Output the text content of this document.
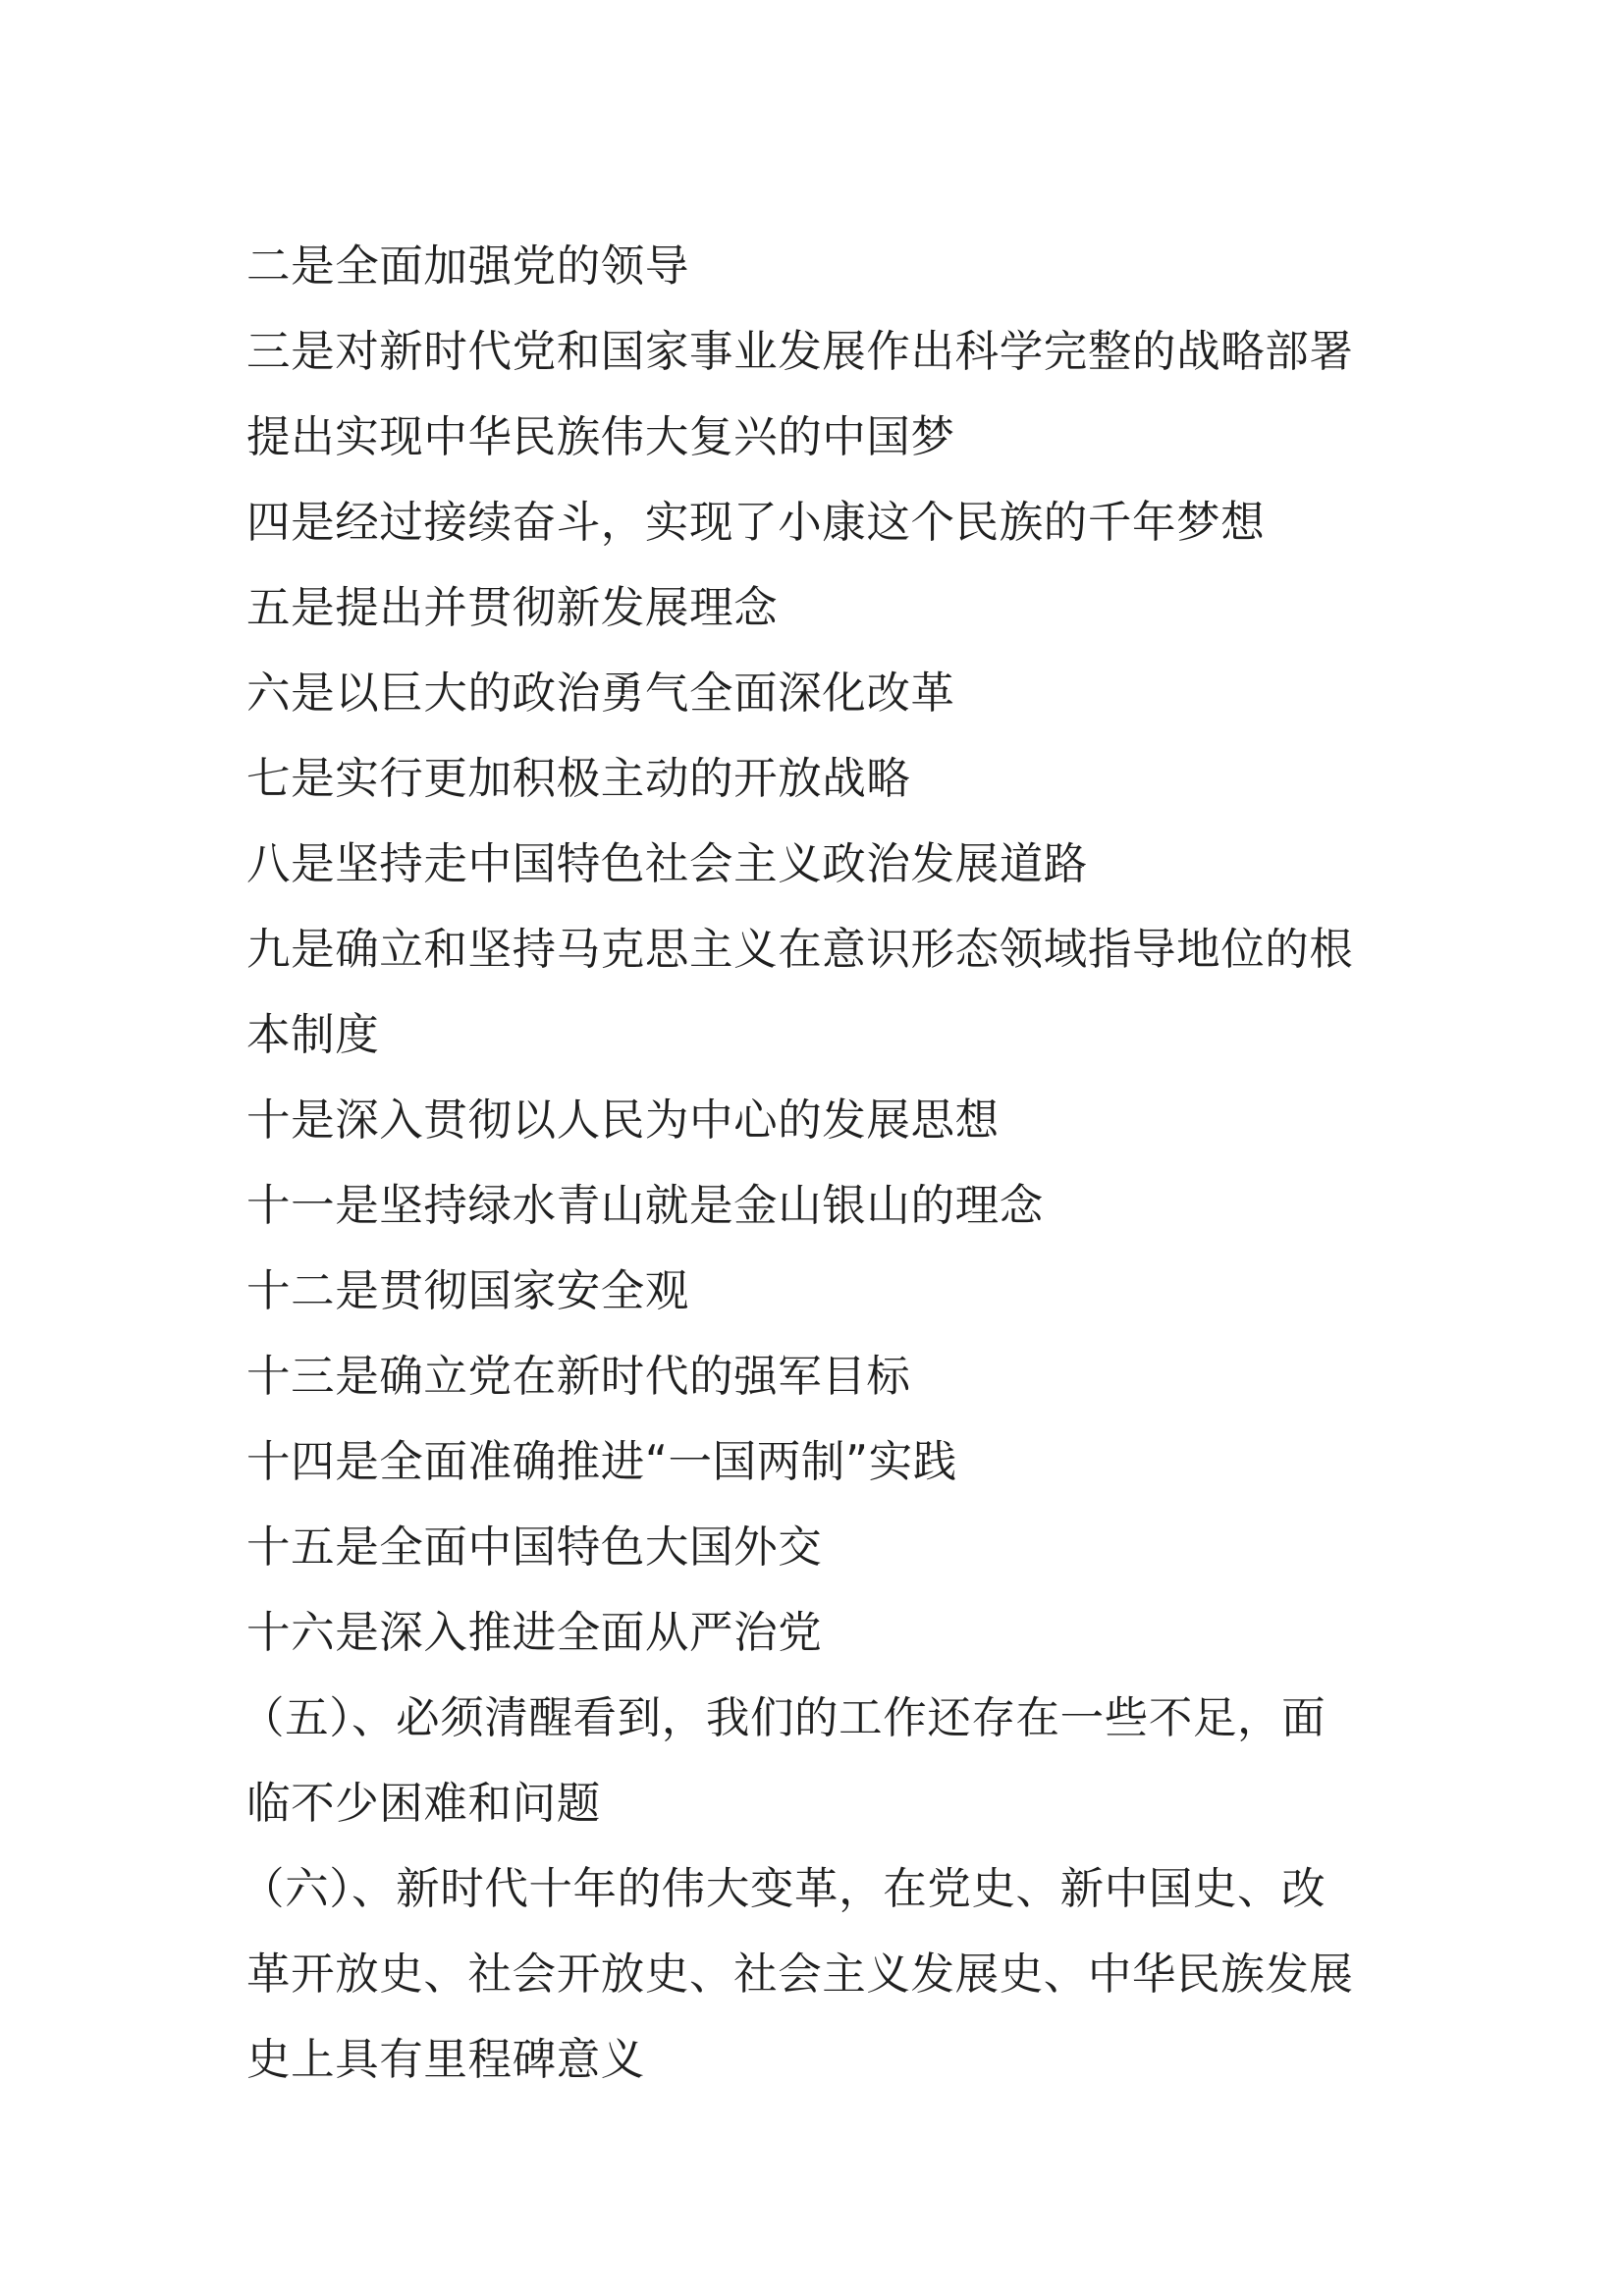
二是全面加强党的领导

三是对新时代党和国家事业发展作出科学完整的战略部署

提出实现中华民族伟大复兴的中国梦

四是经过接续奋斗，实现了小康这个民族的千年梦想

五是提出并贯彻新发展理念

六是以巨大的政治勇气全面深化改革

七是实行更加积极主动的开放战略

八是坚持走中国特色社会主义政治发展道路

九是确立和坚持马克思主义在意识形态领域指导地位的根

本制度

十是深入贯彻以人民为中心的发展思想

十一是坚持绿水青山就是金山银山的理念

十二是贯彻国家安全观

十三是确立党在新时代的强军目标

十四是全面准确推进“一国两制”实践

十五是全面中国特色大国外交

十六是深入推进全面从严治党

（五）、必须清醒看到，我们的工作还存在一些不足，面

临不少困难和问题

（六）、新时代十年的伟大变革，在党史、新中国史、改

革开放史、社会开放史、社会主义发展史、中华民族发展

史上具有里程碑意义
